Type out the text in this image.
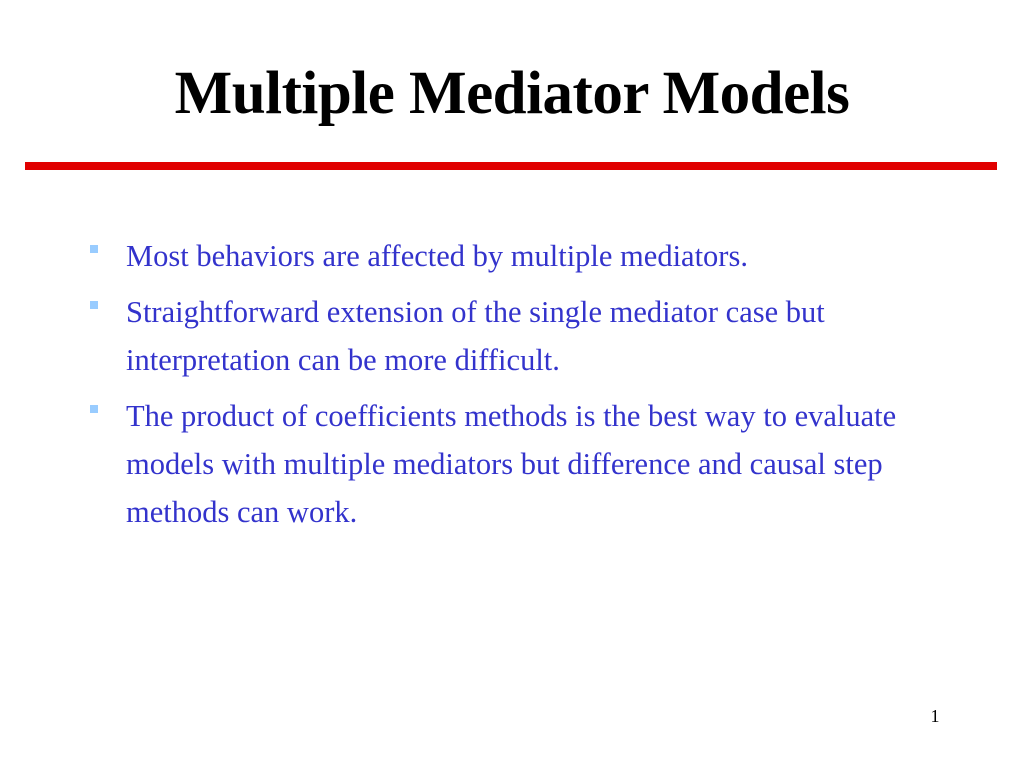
Multiple Mediator Models
Most behaviors are affected by multiple mediators.
Straightforward extension of the single mediator case but interpretation can be more difficult.
The product of coefficients methods is the best way to evaluate models with multiple mediators but difference and causal step methods can work.
1
